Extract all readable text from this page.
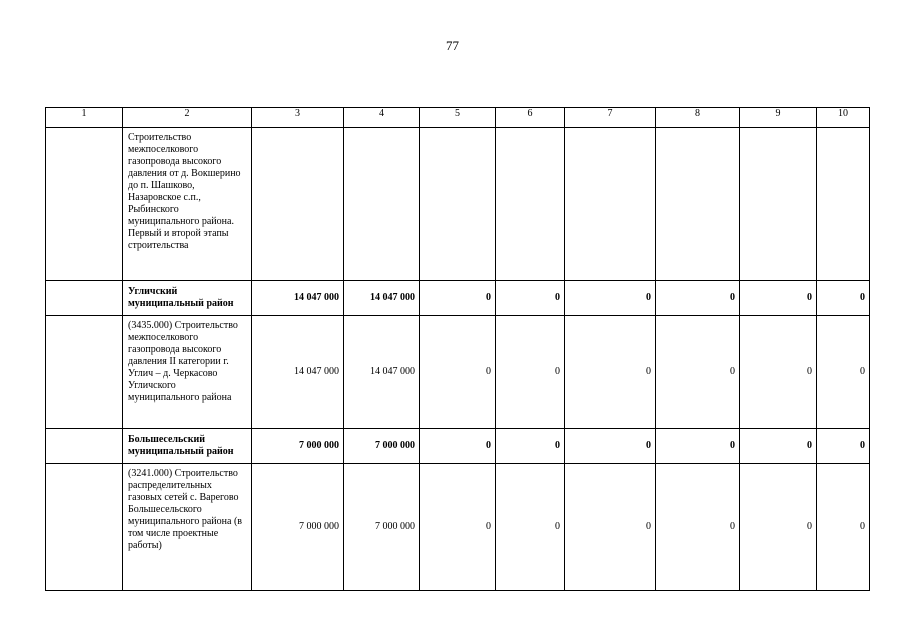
77
1	2	3	4	5	6	7	8	9	10
	Строительство межпоселкового газопровода высокого давления от д. Вокшерино до п. Шашково, Назаровское с.п., Рыбинского муниципального района. Первый и второй этапы строительства								
	Угличский муниципальный район	14 047 000	14 047 000	0	0	0	0	0	0
	(3435.000) Строительство межпоселкового газопровода высокого давления II категории г. Углич – д. Черкасово Угличского муниципального района	14 047 000	14 047 000	0	0	0	0	0	0
	Большесельский муниципальный район	7 000 000	7 000 000	0	0	0	0	0	0
	(3241.000) Строительство распределительных газовых сетей с. Варегово Большесельского муниципального района (в том числе проектные работы)	7 000 000	7 000 000	0	0	0	0	0	0
